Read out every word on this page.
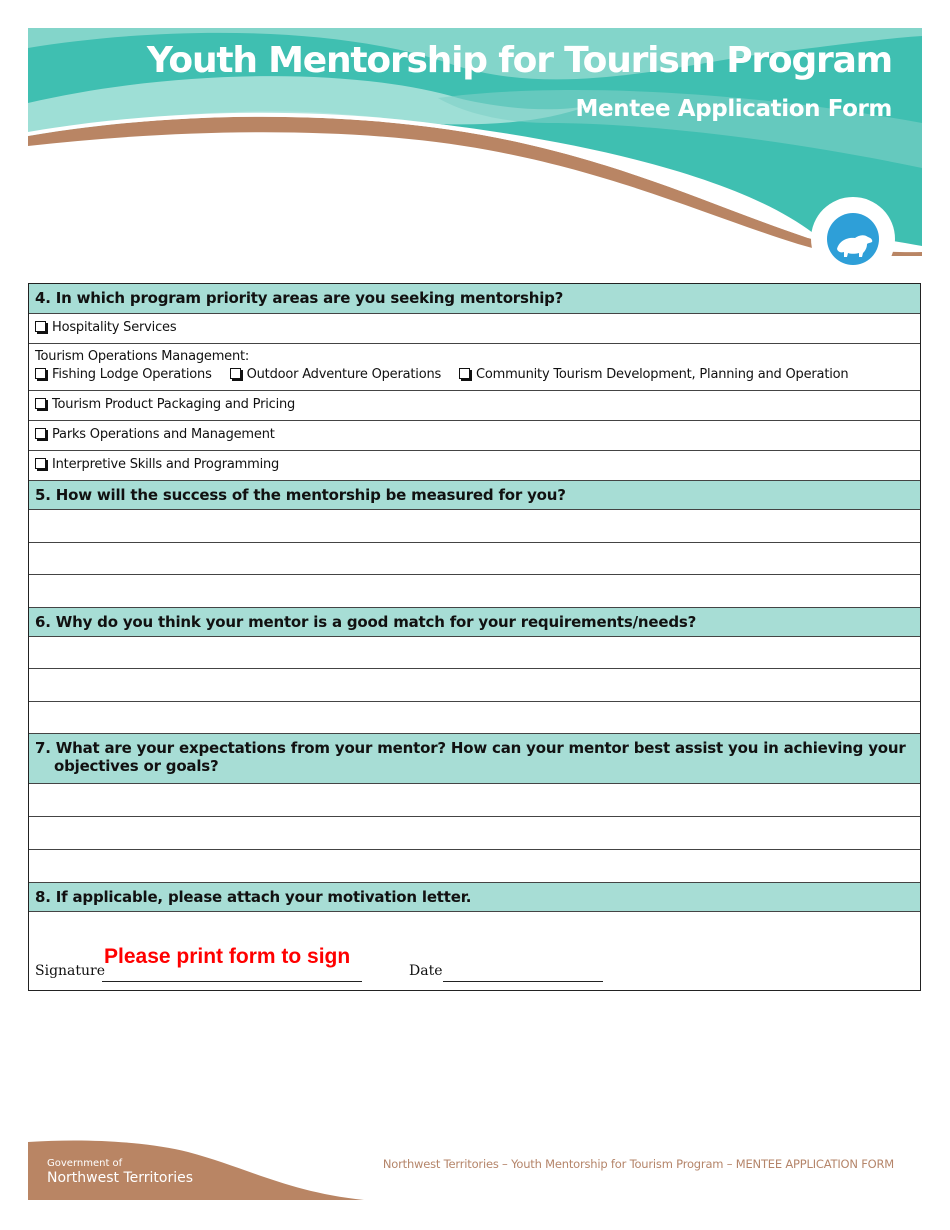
Youth Mentorship for Tourism Program
Mentee Application Form
4. In which program priority areas are you seeking mentorship?
Hospitality Services
Tourism Operations Management:
Fishing Lodge Operations	Outdoor Adventure Operations	Community Tourism Development, Planning and Operation
Tourism Product Packaging and Pricing
Parks Operations and Management
Interpretive Skills and Programming
5. How will the success of the mentorship be measured for you?
6. Why do you think your mentor is a good match for your requirements/needs?
7. What are your expectations from your mentor? How can your mentor best assist you in achieving your
objectives or goals?
8. If applicable, please attach your motivation letter.
Signature
Please print form to sign
Date
Government of
Northwest Territories
Northwest Territories – Youth Mentorship for Tourism Program – MENTEE APPLICATION FORM
